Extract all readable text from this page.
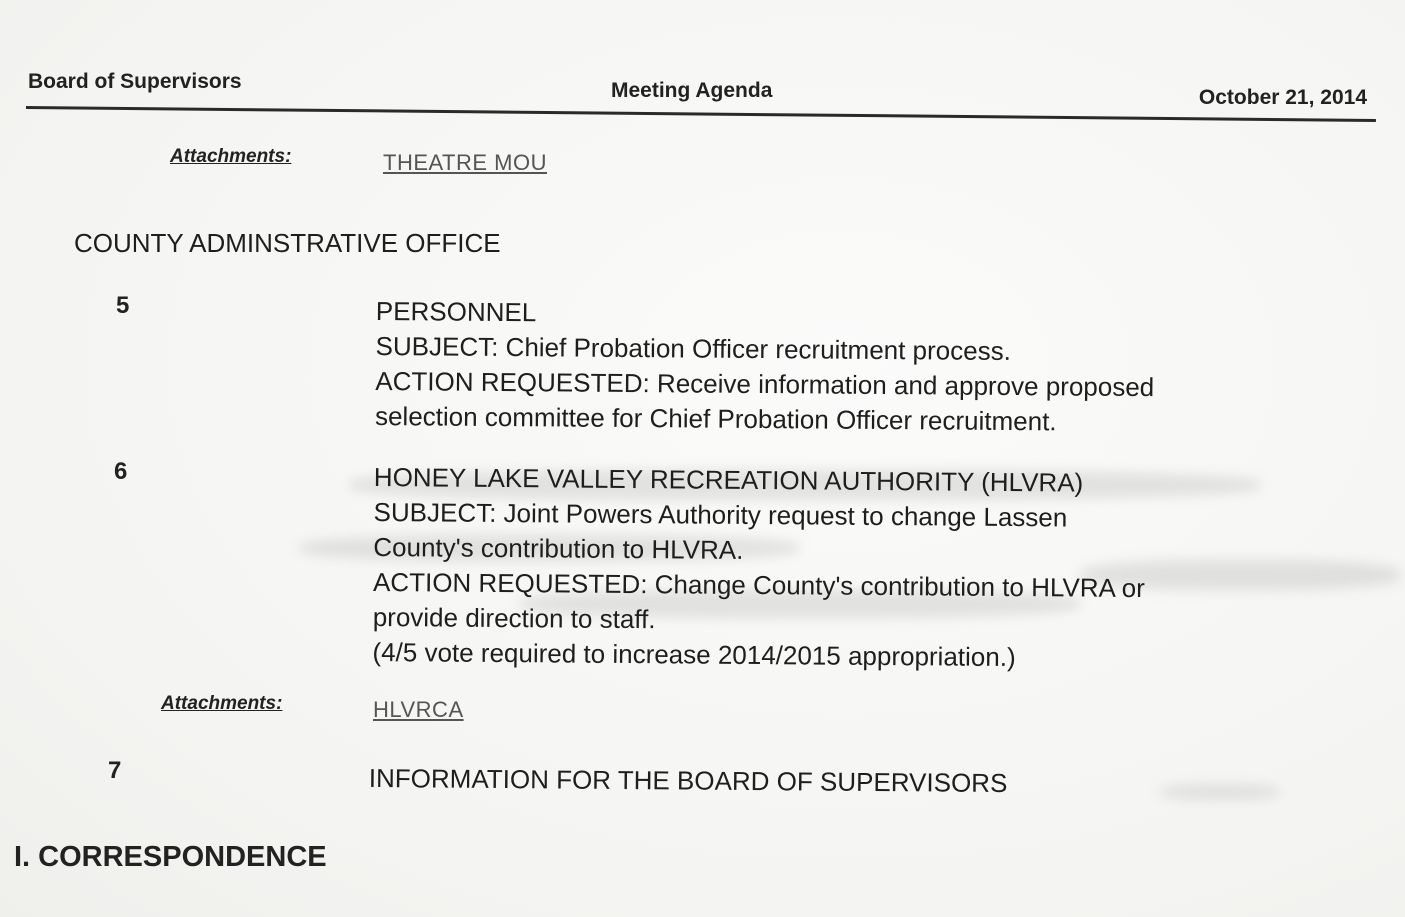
Board of Supervisors	Meeting Agenda	October 21, 2014
Attachments:	THEATRE MOU
COUNTY ADMINSTRATIVE OFFICE
5	PERSONNEL
SUBJECT: Chief Probation Officer recruitment process.
ACTION REQUESTED: Receive information and approve proposed
selection committee for Chief Probation Officer recruitment.
6	HONEY LAKE VALLEY RECREATION AUTHORITY (HLVRA)
SUBJECT: Joint Powers Authority request to change Lassen
County's contribution to HLVRA.
ACTION REQUESTED: Change County's contribution to HLVRA or
provide direction to staff.
(4/5 vote required to increase 2014/2015 appropriation.)
Attachments:	HLVRCA
7	INFORMATION FOR THE BOARD OF SUPERVISORS
I. CORRESPONDENCE
